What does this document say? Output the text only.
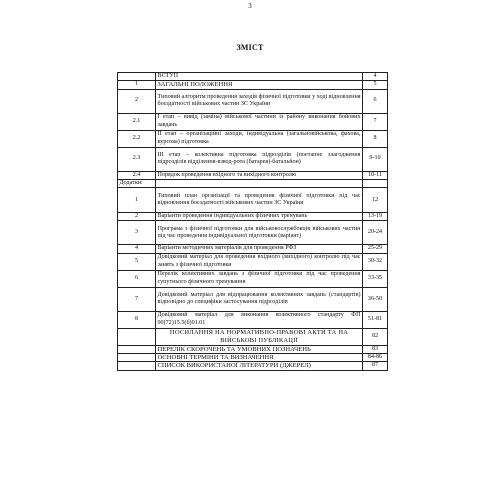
3
ЗМІСТ
	ВСТУП	4
1	ЗАГАЛЬНІ ПОЛОЖЕННЯ	5
2	Типовий алгоритм проведення заходів фізичної підготовки у ході відновлення боєздатності військових частин ЗС України	6
2.1	І етап – вивід (заміна) військової частини із району виконання бойових завдань	7
2.2	ІІ етап – організаційні заходи, індивідуальна (загальновійськова, фахова, курсова) підготовка	8
2.3	ІІІ етап – колективна підготовка підрозділів (поетапне злагодження підрозділів відділення-взвод-рота (батарея)-батальйон)	9-10
2.4	Порядок проведення вхідного та вихідного контролю	10-11
Додатки:		
1	Типовий план організації та проведення фізичної підготовки під час відновлення боєздатності військових частин ЗС України	12
2	Варіанти проведення індивідуальних фізичних тренувань	13-19
3	Програма з фізичної підготовки для військовослужбовців військових частин під час проведення індивідуальної підготовки (варіант)	20-24
4	Варіанти методичних матеріалів для проведення РФЗ	25-29
5	Довідковий матеріал для проведення вхідного (вихідного) контролю під час занять з фізичної підготовки	30-32
6	Перелік колективних завдань з фізичної підготовки під час проведення супутнього фізичного тренування	33-35
7	Довідковий матеріал для відпрацювання колективних завдань (стандартів) відповідно до специфіки застосування підрозділів	36-50
8	Довідковий матеріал для виконання колективного стандарту ФП 00(72)15.5(б)01.01	51-81
	ПОСИЛАННЯ НА НОРМАТИВНО-ПРАВОВІ АКТИ ТА НА ВІЙСЬКОВІ ПУБЛІКАЦІЇ	82
	ПЕРЕЛІК СКОРОЧЕНЬ ТА УМОВНИХ ПОЗНАЧЕНЬ	83
	ОСНОВНІ ТЕРМІНИ ТА ВИЗНАЧЕННЯ	84-86
	СПИСОК ВИКОРИСТАНОЇ ЛІТЕРАТУРИ (ДЖЕРЕЛ)	87
